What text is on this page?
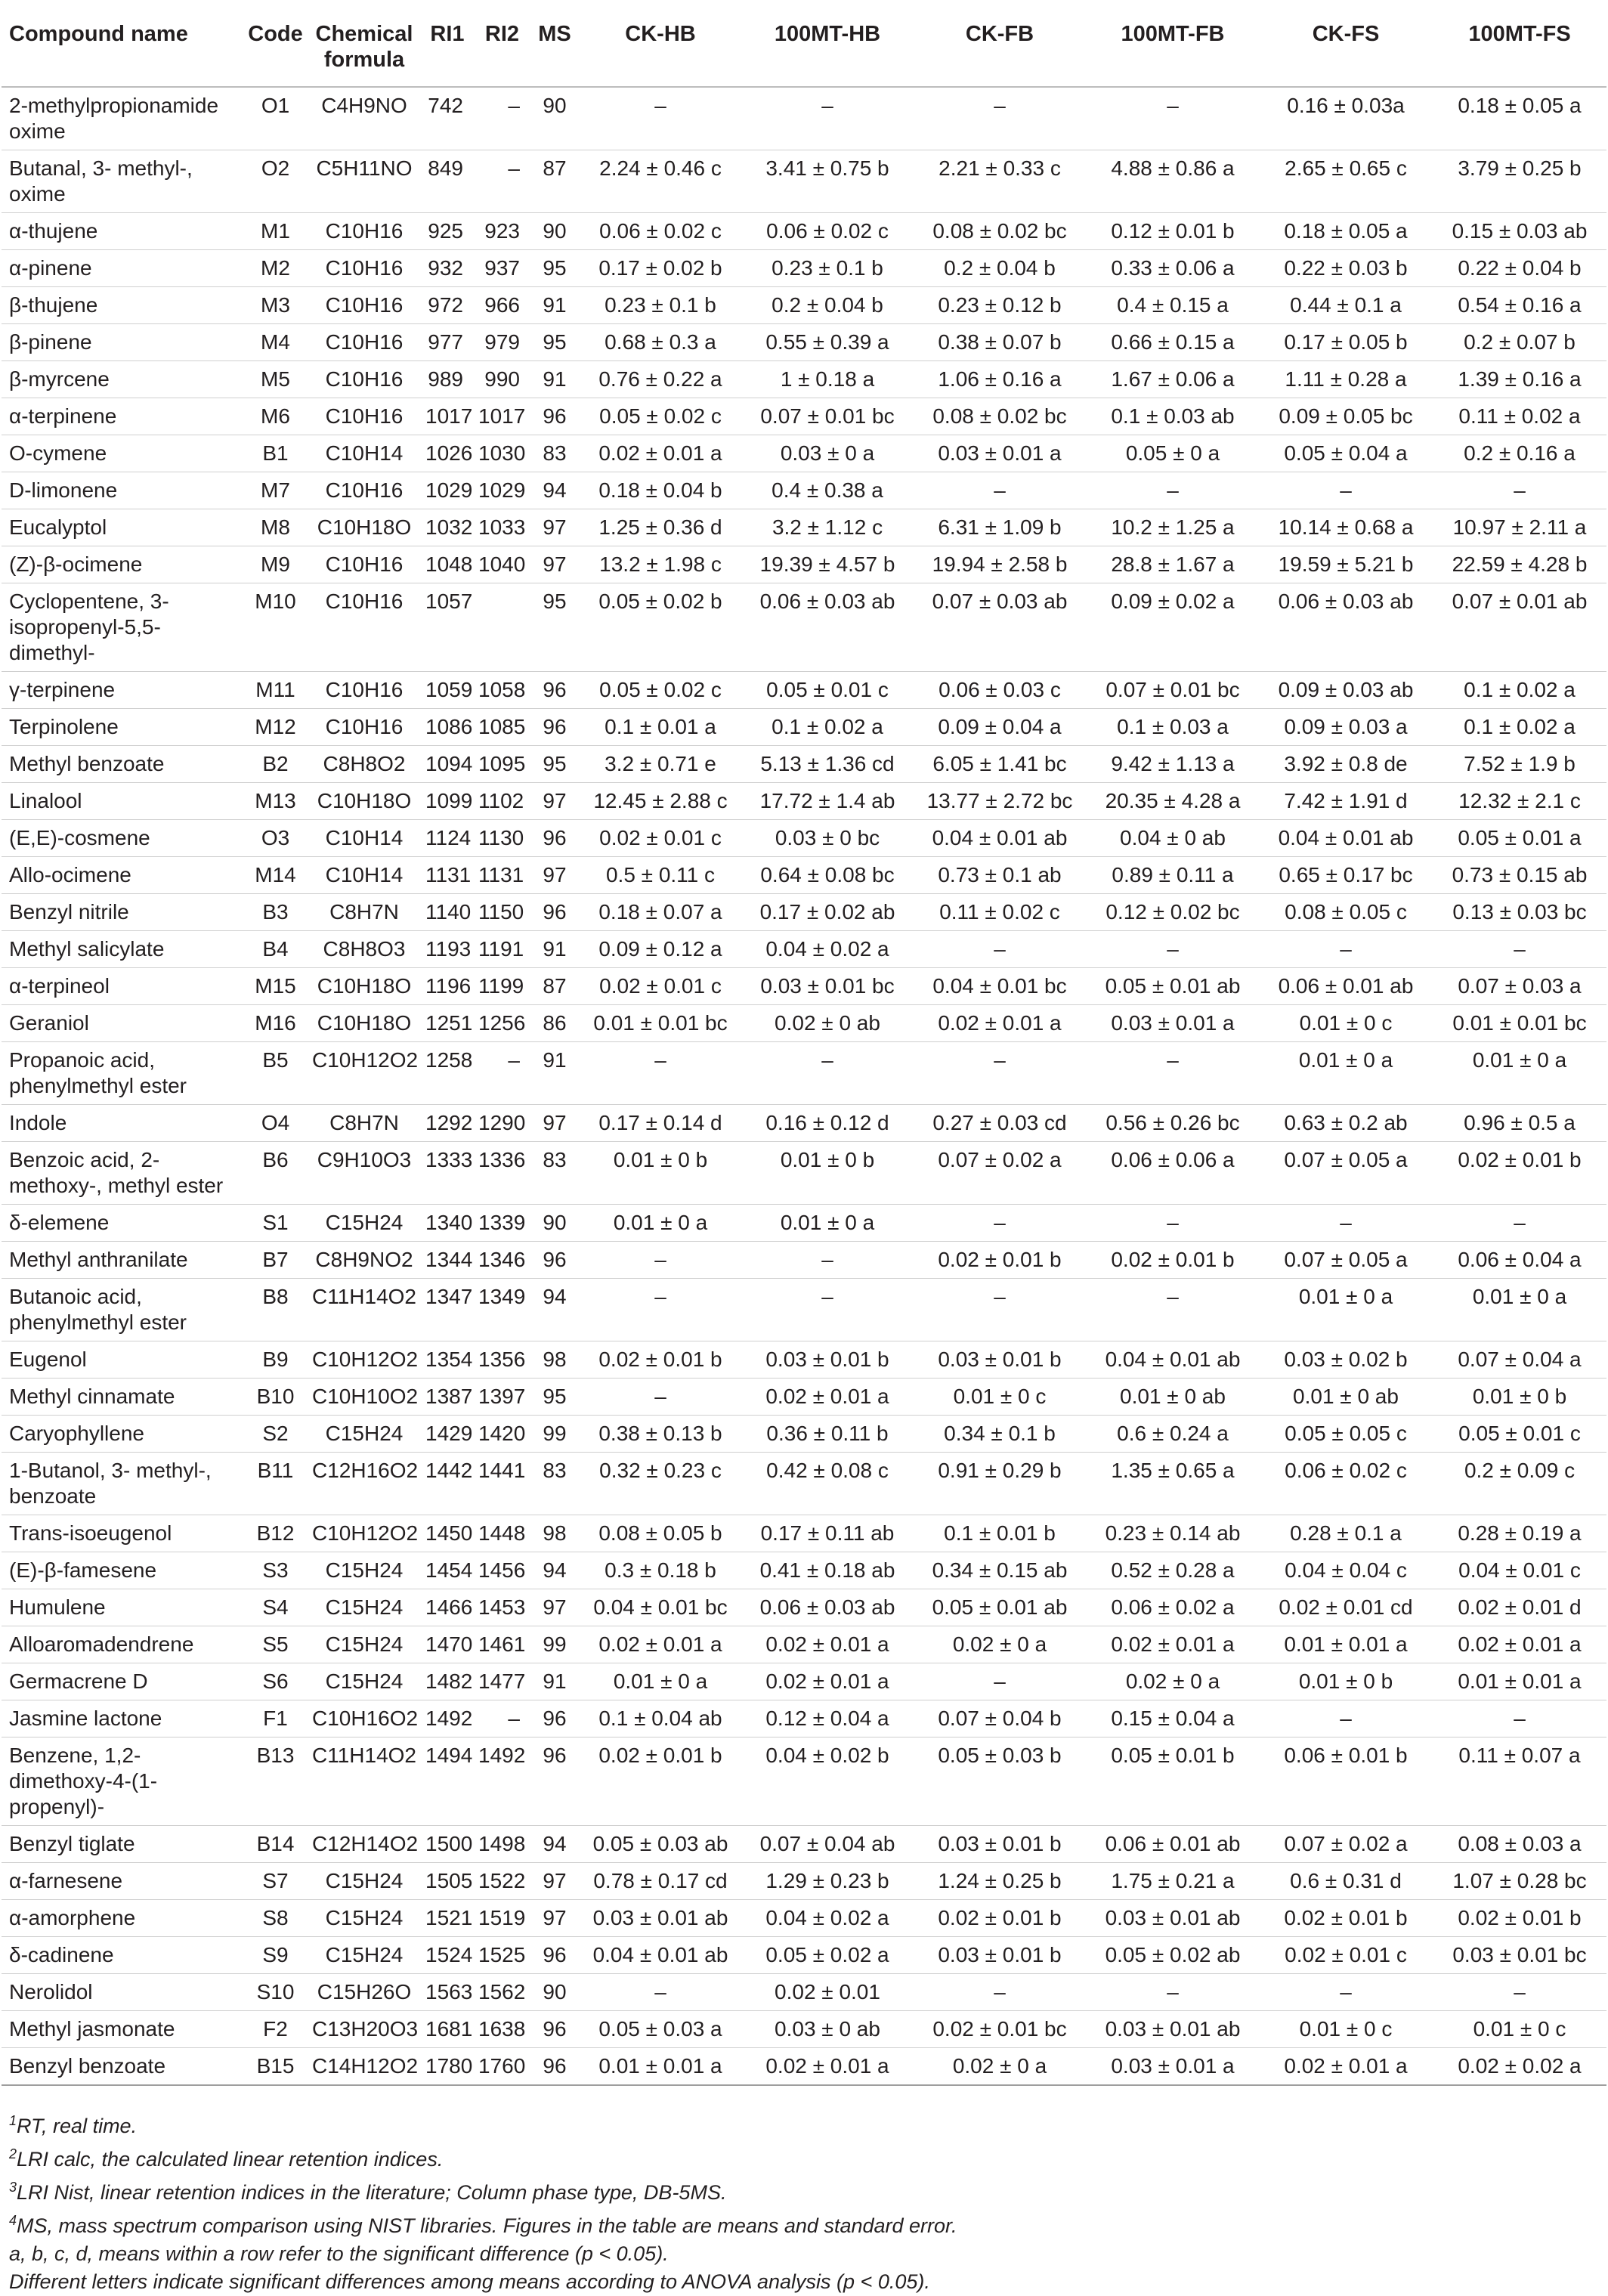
Compound name	Code	Chemical
formula	RI1	RI2	MS	CK-HB	100MT-HB	CK-FB	100MT-FB	CK-FS	100MT-FS
2-methylpropionamide oxime	O1	C4H9NO	742	–	90	–	–	–	–	0.16 ± 0.03a	0.18 ± 0.05 a
Butanal, 3- methyl-, oxime	O2	C5H11NO	849	–	87	2.24 ± 0.46 c	3.41 ± 0.75 b	2.21 ± 0.33 c	4.88 ± 0.86 a	2.65 ± 0.65 c	3.79 ± 0.25 b
α-thujene	M1	C10H16	925	923	90	0.06 ± 0.02 c	0.06 ± 0.02 c	0.08 ± 0.02 bc	0.12 ± 0.01 b	0.18 ± 0.05 a	0.15 ± 0.03 ab
α-pinene	M2	C10H16	932	937	95	0.17 ± 0.02 b	0.23 ± 0.1 b	0.2 ± 0.04 b	0.33 ± 0.06 a	0.22 ± 0.03 b	0.22 ± 0.04 b
β-thujene	M3	C10H16	972	966	91	0.23 ± 0.1 b	0.2 ± 0.04 b	0.23 ± 0.12 b	0.4 ± 0.15 a	0.44 ± 0.1 a	0.54 ± 0.16 a
β-pinene	M4	C10H16	977	979	95	0.68 ± 0.3 a	0.55 ± 0.39 a	0.38 ± 0.07 b	0.66 ± 0.15 a	0.17 ± 0.05 b	0.2 ± 0.07 b
β-myrcene	M5	C10H16	989	990	91	0.76 ± 0.22 a	1 ± 0.18 a	1.06 ± 0.16 a	1.67 ± 0.06 a	1.11 ± 0.28 a	1.39 ± 0.16 a
α-terpinene	M6	C10H16	1017	1017	96	0.05 ± 0.02 c	0.07 ± 0.01 bc	0.08 ± 0.02 bc	0.1 ± 0.03 ab	0.09 ± 0.05 bc	0.11 ± 0.02 a
O-cymene	B1	C10H14	1026	1030	83	0.02 ± 0.01 a	0.03 ± 0 a	0.03 ± 0.01 a	0.05 ± 0 a	0.05 ± 0.04 a	0.2 ± 0.16 a
D-limonene	M7	C10H16	1029	1029	94	0.18 ± 0.04 b	0.4 ± 0.38 a	–	–	–	–
Eucalyptol	M8	C10H18O	1032	1033	97	1.25 ± 0.36 d	3.2 ± 1.12 c	6.31 ± 1.09 b	10.2 ± 1.25 a	10.14 ± 0.68 a	10.97 ± 2.11 a
(Z)-β-ocimene	M9	C10H16	1048	1040	97	13.2 ± 1.98 c	19.39 ± 4.57 b	19.94 ± 2.58 b	28.8 ± 1.67 a	19.59 ± 5.21 b	22.59 ± 4.28 b
Cyclopentene, 3-isopropenyl-5,5-dimethyl-	M10	C10H16	1057		95	0.05 ± 0.02 b	0.06 ± 0.03 ab	0.07 ± 0.03 ab	0.09 ± 0.02 a	0.06 ± 0.03 ab	0.07 ± 0.01 ab
γ-terpinene	M11	C10H16	1059	1058	96	0.05 ± 0.02 c	0.05 ± 0.01 c	0.06 ± 0.03 c	0.07 ± 0.01 bc	0.09 ± 0.03 ab	0.1 ± 0.02 a
Terpinolene	M12	C10H16	1086	1085	96	0.1 ± 0.01 a	0.1 ± 0.02 a	0.09 ± 0.04 a	0.1 ± 0.03 a	0.09 ± 0.03 a	0.1 ± 0.02 a
Methyl benzoate	B2	C8H8O2	1094	1095	95	3.2 ± 0.71 e	5.13 ± 1.36 cd	6.05 ± 1.41 bc	9.42 ± 1.13 a	3.92 ± 0.8 de	7.52 ± 1.9 b
Linalool	M13	C10H18O	1099	1102	97	12.45 ± 2.88 c	17.72 ± 1.4 ab	13.77 ± 2.72 bc	20.35 ± 4.28 a	7.42 ± 1.91 d	12.32 ± 2.1 c
(E,E)-cosmene	O3	C10H14	1124	1130	96	0.02 ± 0.01 c	0.03 ± 0 bc	0.04 ± 0.01 ab	0.04 ± 0 ab	0.04 ± 0.01 ab	0.05 ± 0.01 a
Allo-ocimene	M14	C10H14	1131	1131	97	0.5 ± 0.11 c	0.64 ± 0.08 bc	0.73 ± 0.1 ab	0.89 ± 0.11 a	0.65 ± 0.17 bc	0.73 ± 0.15 ab
Benzyl nitrile	B3	C8H7N	1140	1150	96	0.18 ± 0.07 a	0.17 ± 0.02 ab	0.11 ± 0.02 c	0.12 ± 0.02 bc	0.08 ± 0.05 c	0.13 ± 0.03 bc
Methyl salicylate	B4	C8H8O3	1193	1191	91	0.09 ± 0.12 a	0.04 ± 0.02 a	–	–	–	–
α-terpineol	M15	C10H18O	1196	1199	87	0.02 ± 0.01 c	0.03 ± 0.01 bc	0.04 ± 0.01 bc	0.05 ± 0.01 ab	0.06 ± 0.01 ab	0.07 ± 0.03 a
Geraniol	M16	C10H18O	1251	1256	86	0.01 ± 0.01 bc	0.02 ± 0 ab	0.02 ± 0.01 a	0.03 ± 0.01 a	0.01 ± 0 c	0.01 ± 0.01 bc
Propanoic acid, phenylmethyl ester	B5	C10H12O2	1258	–	91	–	–	–	–	0.01 ± 0 a	0.01 ± 0 a
Indole	O4	C8H7N	1292	1290	97	0.17 ± 0.14 d	0.16 ± 0.12 d	0.27 ± 0.03 cd	0.56 ± 0.26 bc	0.63 ± 0.2 ab	0.96 ± 0.5 a
Benzoic acid, 2-methoxy-, methyl ester	B6	C9H10O3	1333	1336	83	0.01 ± 0 b	0.01 ± 0 b	0.07 ± 0.02 a	0.06 ± 0.06 a	0.07 ± 0.05 a	0.02 ± 0.01 b
δ-elemene	S1	C15H24	1340	1339	90	0.01 ± 0 a	0.01 ± 0 a	–	–	–	–
Methyl anthranilate	B7	C8H9NO2	1344	1346	96	–	–	0.02 ± 0.01 b	0.02 ± 0.01 b	0.07 ± 0.05 a	0.06 ± 0.04 a
Butanoic acid, phenylmethyl ester	B8	C11H14O2	1347	1349	94	–	–	–	–	0.01 ± 0 a	0.01 ± 0 a
Eugenol	B9	C10H12O2	1354	1356	98	0.02 ± 0.01 b	0.03 ± 0.01 b	0.03 ± 0.01 b	0.04 ± 0.01 ab	0.03 ± 0.02 b	0.07 ± 0.04 a
Methyl cinnamate	B10	C10H10O2	1387	1397	95	–	0.02 ± 0.01 a	0.01 ± 0 c	0.01 ± 0 ab	0.01 ± 0 ab	0.01 ± 0 b
Caryophyllene	S2	C15H24	1429	1420	99	0.38 ± 0.13 b	0.36 ± 0.11 b	0.34 ± 0.1 b	0.6 ± 0.24 a	0.05 ± 0.05 c	0.05 ± 0.01 c
1-Butanol, 3- methyl-, benzoate	B11	C12H16O2	1442	1441	83	0.32 ± 0.23 c	0.42 ± 0.08 c	0.91 ± 0.29 b	1.35 ± 0.65 a	0.06 ± 0.02 c	0.2 ± 0.09 c
Trans-isoeugenol	B12	C10H12O2	1450	1448	98	0.08 ± 0.05 b	0.17 ± 0.11 ab	0.1 ± 0.01 b	0.23 ± 0.14 ab	0.28 ± 0.1 a	0.28 ± 0.19 a
(E)-β-famesene	S3	C15H24	1454	1456	94	0.3 ± 0.18 b	0.41 ± 0.18 ab	0.34 ± 0.15 ab	0.52 ± 0.28 a	0.04 ± 0.04 c	0.04 ± 0.01 c
Humulene	S4	C15H24	1466	1453	97	0.04 ± 0.01 bc	0.06 ± 0.03 ab	0.05 ± 0.01 ab	0.06 ± 0.02 a	0.02 ± 0.01 cd	0.02 ± 0.01 d
Alloaromadendrene	S5	C15H24	1470	1461	99	0.02 ± 0.01 a	0.02 ± 0.01 a	0.02 ± 0 a	0.02 ± 0.01 a	0.01 ± 0.01 a	0.02 ± 0.01 a
Germacrene D	S6	C15H24	1482	1477	91	0.01 ± 0 a	0.02 ± 0.01 a	–	0.02 ± 0 a	0.01 ± 0 b	0.01 ± 0.01 a
Jasmine lactone	F1	C10H16O2	1492	–	96	0.1 ± 0.04 ab	0.12 ± 0.04 a	0.07 ± 0.04 b	0.15 ± 0.04 a	–	–
Benzene, 1,2-dimethoxy-4-(1-propenyl)-	B13	C11H14O2	1494	1492	96	0.02 ± 0.01 b	0.04 ± 0.02 b	0.05 ± 0.03 b	0.05 ± 0.01 b	0.06 ± 0.01 b	0.11 ± 0.07 a
Benzyl tiglate	B14	C12H14O2	1500	1498	94	0.05 ± 0.03 ab	0.07 ± 0.04 ab	0.03 ± 0.01 b	0.06 ± 0.01 ab	0.07 ± 0.02 a	0.08 ± 0.03 a
α-farnesene	S7	C15H24	1505	1522	97	0.78 ± 0.17 cd	1.29 ± 0.23 b	1.24 ± 0.25 b	1.75 ± 0.21 a	0.6 ± 0.31 d	1.07 ± 0.28 bc
α-amorphene	S8	C15H24	1521	1519	97	0.03 ± 0.01 ab	0.04 ± 0.02 a	0.02 ± 0.01 b	0.03 ± 0.01 ab	0.02 ± 0.01 b	0.02 ± 0.01 b
δ-cadinene	S9	C15H24	1524	1525	96	0.04 ± 0.01 ab	0.05 ± 0.02 a	0.03 ± 0.01 b	0.05 ± 0.02 ab	0.02 ± 0.01 c	0.03 ± 0.01 bc
Nerolidol	S10	C15H26O	1563	1562	90	–	0.02 ± 0.01	–	–	–	–
Methyl jasmonate	F2	C13H20O3	1681	1638	96	0.05 ± 0.03 a	0.03 ± 0 ab	0.02 ± 0.01 bc	0.03 ± 0.01 ab	0.01 ± 0 c	0.01 ± 0 c
Benzyl benzoate	B15	C14H12O2	1780	1760	96	0.01 ± 0.01 a	0.02 ± 0.01 a	0.02 ± 0 a	0.03 ± 0.01 a	0.02 ± 0.01 a	0.02 ± 0.02 a
$^1$RT, real time.
$^2$LRI calc, the calculated linear retention indices.
$^3$LRI Nist, linear retention indices in the literature; Column phase type, DB-5MS.
$^4$MS, mass spectrum comparison using NIST libraries. Figures in the table are means and standard error.
a, b, c, d, means within a row refer to the significant difference (p < 0.05).
Different letters indicate significant differences among means according to ANOVA analysis (p < 0.05).
